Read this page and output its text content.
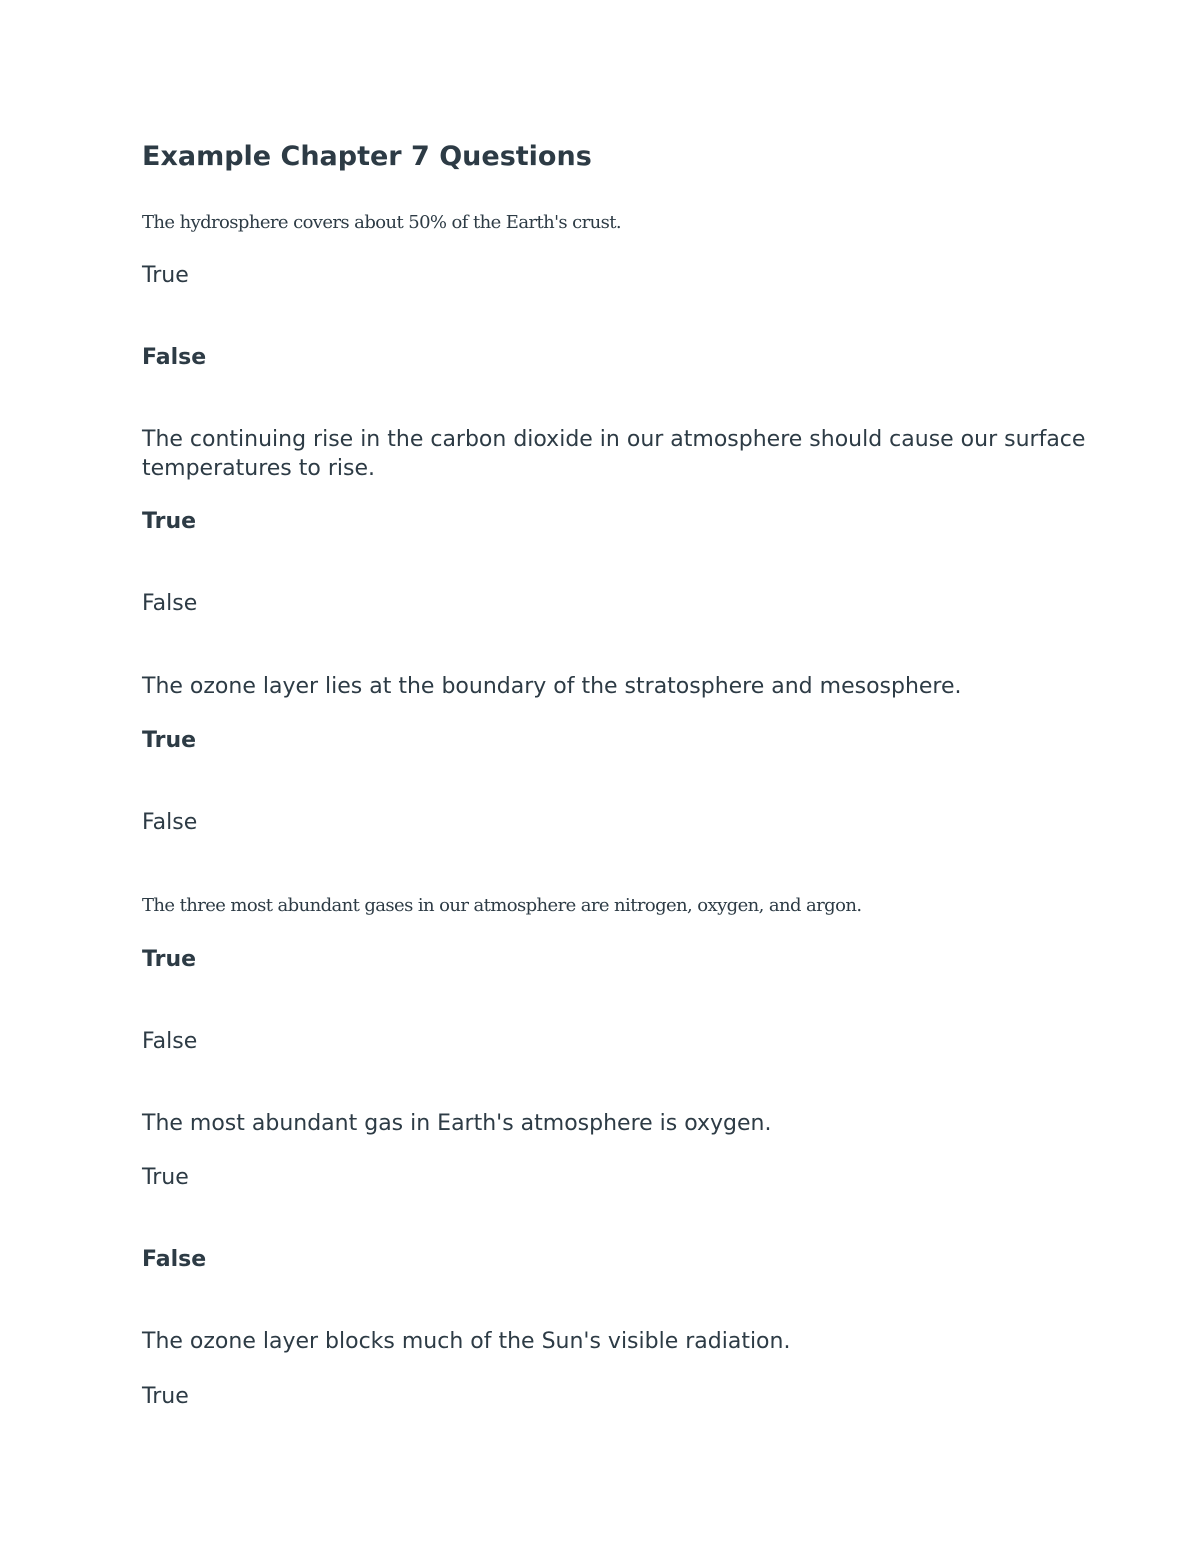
Example Chapter 7 Questions

The hydrosphere covers about 50% of the Earth's crust.

True

False

The continuing rise in the carbon dioxide in our atmosphere should cause our surface temperatures to rise.

True

False

The ozone layer lies at the boundary of the stratosphere and mesosphere.

True

False

The three most abundant gases in our atmosphere are nitrogen, oxygen, and argon.

True

False

The most abundant gas in Earth's atmosphere is oxygen.

True

False

The ozone layer blocks much of the Sun's visible radiation.

True
